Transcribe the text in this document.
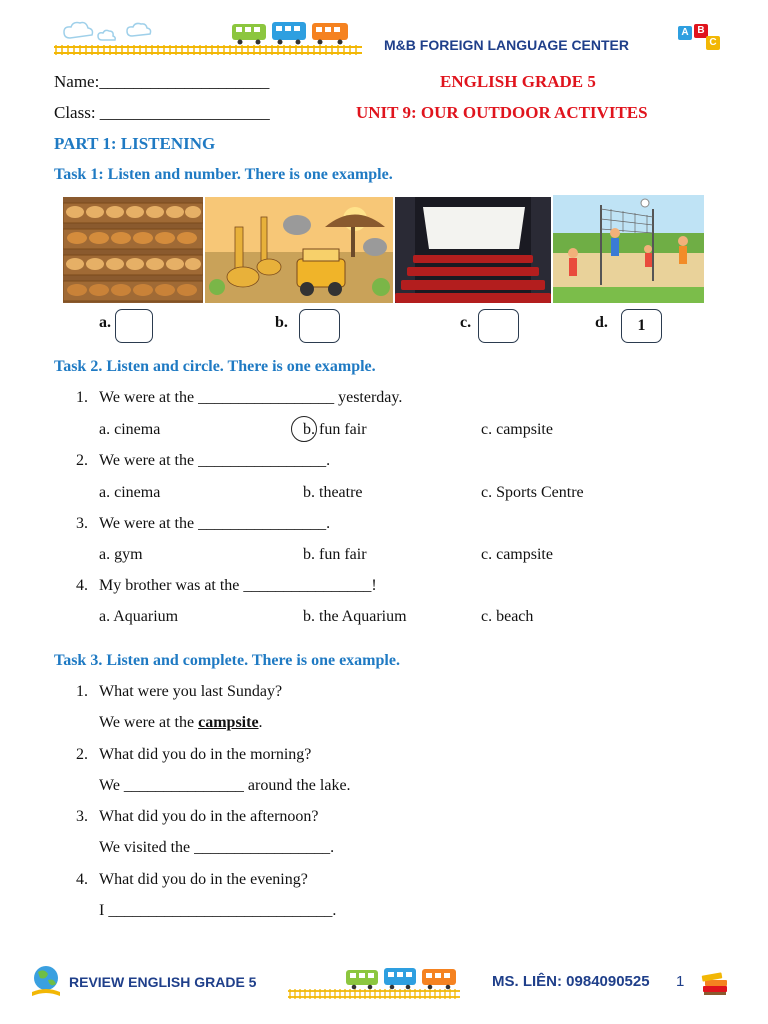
M&B FOREIGN LANGUAGE CENTER
A B
C
Name:____________________
Class: ____________________
ENGLISH GRADE 5
UNIT 9: OUR OUTDOOR ACTIVITES
PART 1: LISTENING
Task 1: Listen and number. There is one example.
a.	b.	c.	d.	1
Task 2. Listen and circle. There is one example.
1. We were at the _________________ yesterday.
a. cinema	b. fun fair	c. campsite
2. We were at the ________________.
a. cinema	b. theatre	c. Sports Centre
3. We were at the ________________.
a. gym	b. fun fair	c. campsite
4. My brother was at the ________________!
a. Aquarium	b. the Aquarium	c. beach
Task 3. Listen and complete. There is one example.
1. What were you last Sunday?
We were at the campsite.
2. What did you do in the morning?
We _______________ around the lake.
3. What did you do in the afternoon?
We visited the _________________.
4. What did you do in the evening?
I ____________________________.
REVIEW ENGLISH GRADE 5	MS. LIÊN: 0984090525 1
